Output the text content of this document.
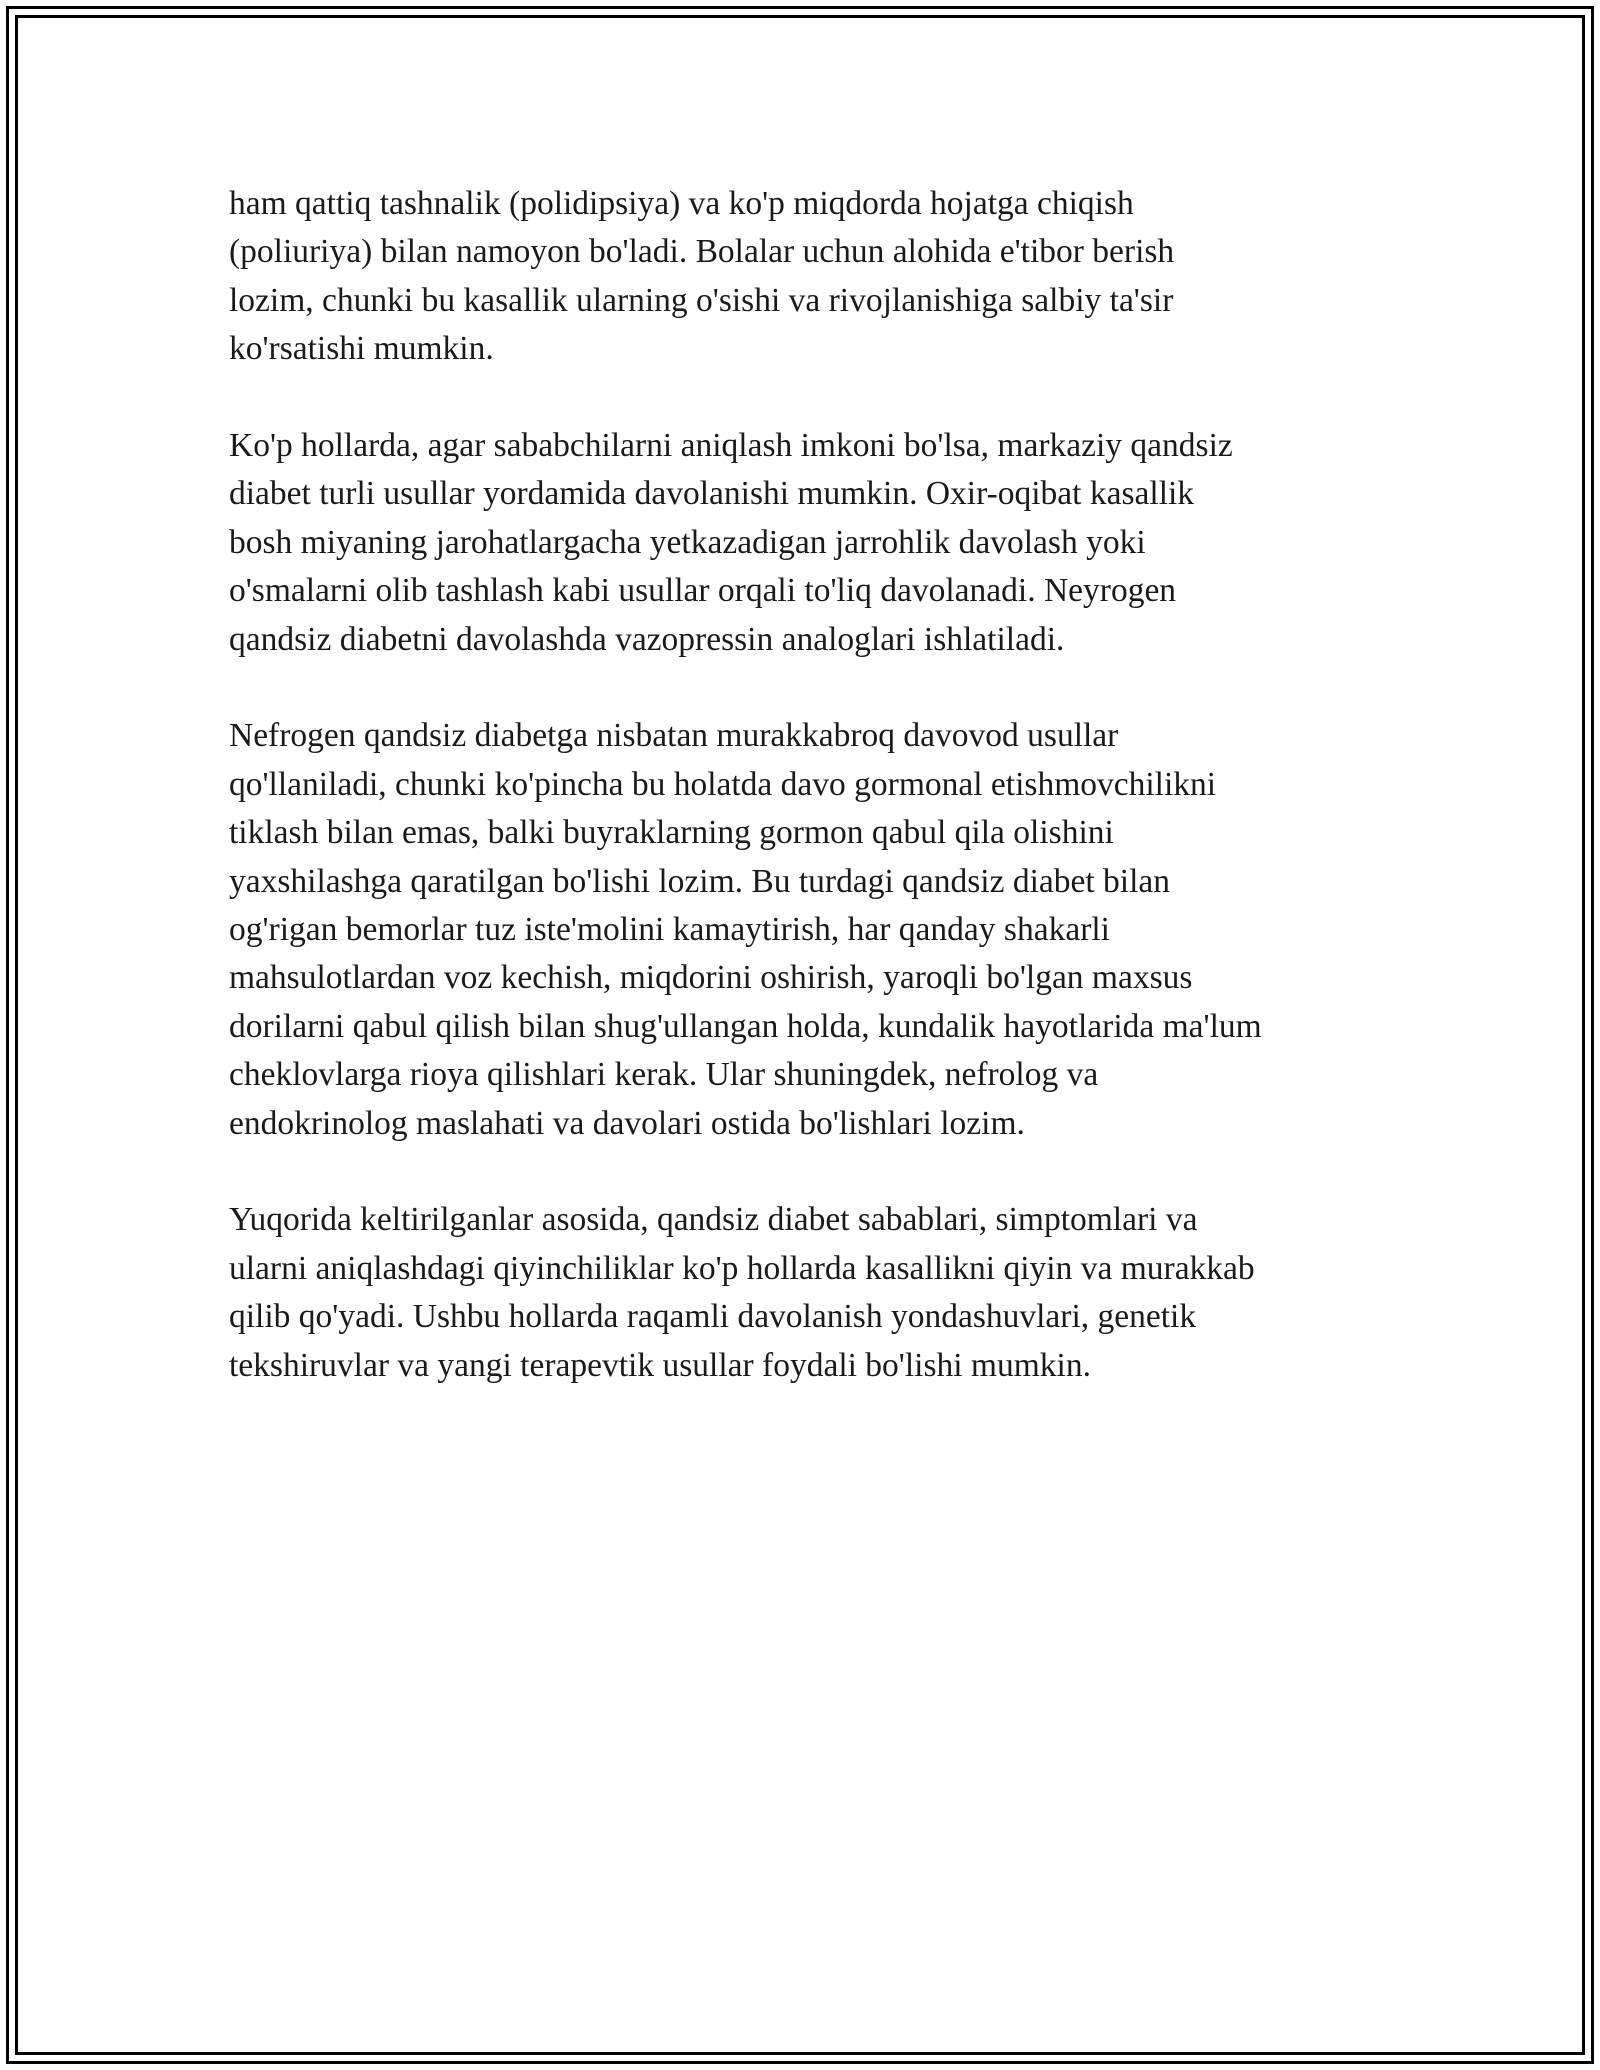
ham qattiq tashnalik (polidipsiya) va ko'p miqdorda hojatga chiqish
(poliuriya) bilan namoyon bo'ladi. Bolalar uchun alohida e'tibor berish
lozim, chunki bu kasallik ularning o'sishi va rivojlanishiga salbiy ta'sir
ko'rsatishi mumkin.

Ko'p hollarda, agar sababchilarni aniqlash imkoni bo'lsa, markaziy qandsiz
diabet turli usullar yordamida davolanishi mumkin. Oxir-oqibat kasallik
bosh miyaning jarohatlargacha yetkazadigan jarrohlik davolash yoki
o'smalarni olib tashlash kabi usullar orqali to'liq davolanadi. Neyrogen
qandsiz diabetni davolashda vazopressin analoglari ishlatiladi.

Nefrogen qandsiz diabetga nisbatan murakkabroq davovod usullar
qo'llaniladi, chunki ko'pincha bu holatda davo gormonal etishmovchilikni
tiklash bilan emas, balki buyraklarning gormon qabul qila olishini
yaxshilashga qaratilgan bo'lishi lozim. Bu turdagi qandsiz diabet bilan
og'rigan bemorlar tuz iste'molini kamaytirish, har qanday shakarli
mahsulotlardan voz kechish, miqdorini oshirish, yaroqli bo'lgan maxsus
dorilarni qabul qilish bilan shug'ullangan holda, kundalik hayotlarida ma'lum
cheklovlarga rioya qilishlari kerak. Ular shuningdek, nefrolog va
endokrinolog maslahati va davolari ostida bo'lishlari lozim.

Yuqorida keltirilganlar asosida, qandsiz diabet sabablari, simptomlari va
ularni aniqlashdagi qiyinchiliklar ko'p hollarda kasallikni qiyin va murakkab
qilib qo'yadi. Ushbu hollarda raqamli davolanish yondashuvlari, genetik
tekshiruvlar va yangi terapevtik usullar foydali bo'lishi mumkin.
